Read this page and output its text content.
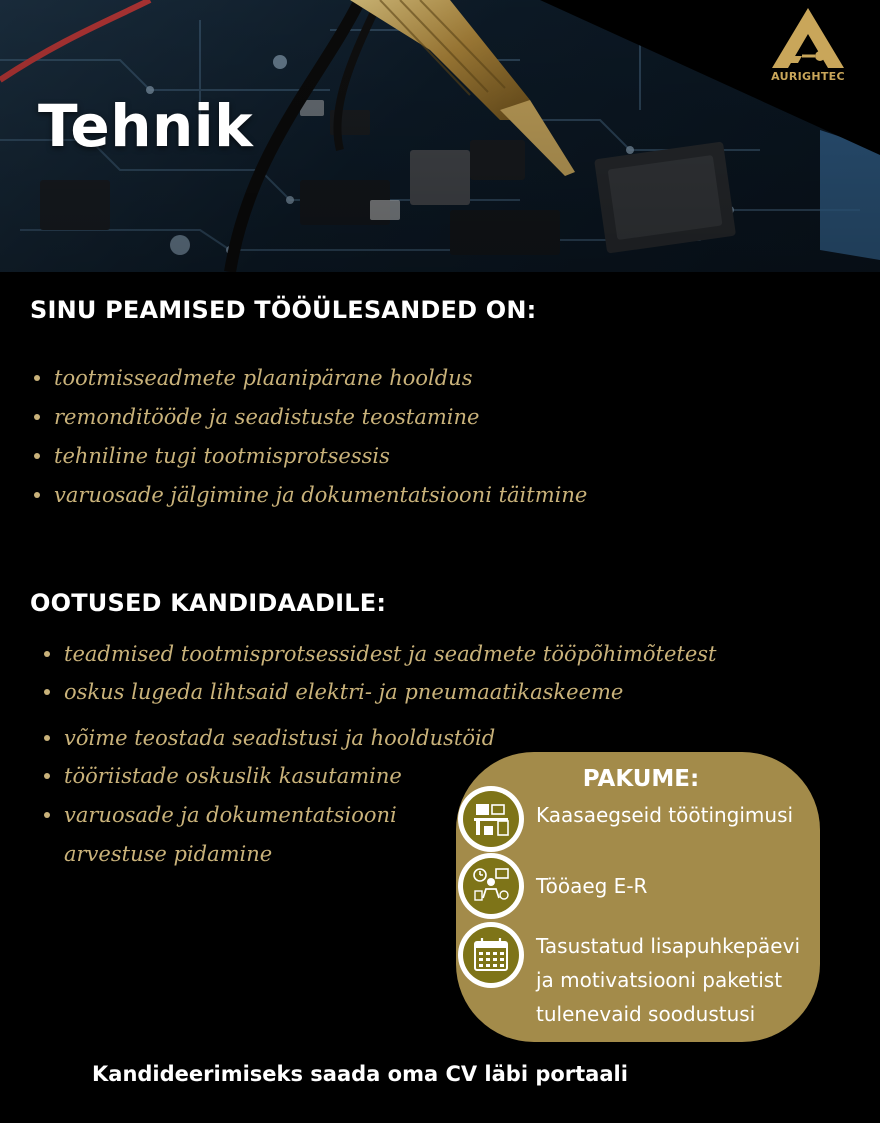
Tehnik
AURIGHTEC
SINU PEAMISED TÖÖÜLESANDED ON:
tootmisseadmete plaanipärane hooldus
remonditööde ja seadistuste teostamine
tehniline tugi tootmisprotsessis
varuosade jälgimine ja dokumentatsiooni täitmine
OOTUSED KANDIDAADILE:
teadmised tootmisprotsessidest ja seadmete tööpõhimõtetest
oskus lugeda lihtsaid elektri- ja pneumaatikaskeeme
võime teostada seadistusi ja hooldustöid
tööriistade oskuslik kasutamine
varuosade ja dokumentatsiooni
arvestuse pidamine
PAKUME:
Kaasaegseid töötingimusi
Tööaeg E-R
Tasustatud lisapuhkepäevi
ja motivatsiooni paketist
tulenevaid soodustusi

Kandideerimiseks saada oma CV läbi portaali
